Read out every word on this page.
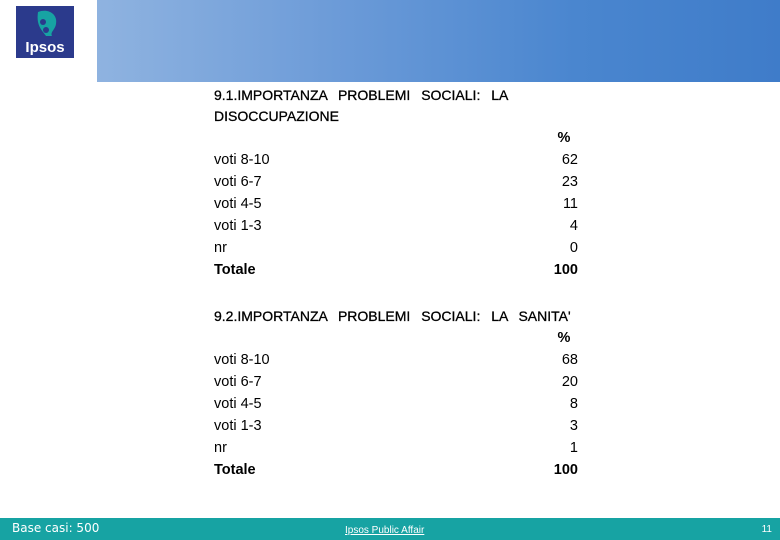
Ipsos

9.1.IMPORTANZA PROBLEMI SOCIALI: LA DISOCCUPAZIONE

%
voti 8-10	62
voti 6-7	23
voti 4-5	11
voti 1-3	4
nr	0
Totale	100

9.2.IMPORTANZA PROBLEMI SOCIALI: LA SANITA'

%
voti 8-10	68
voti 6-7	20
voti 4-5	8
voti 1-3	3
nr	1
Totale	100
Base casi: 500	Ipsos Public Affair	11
